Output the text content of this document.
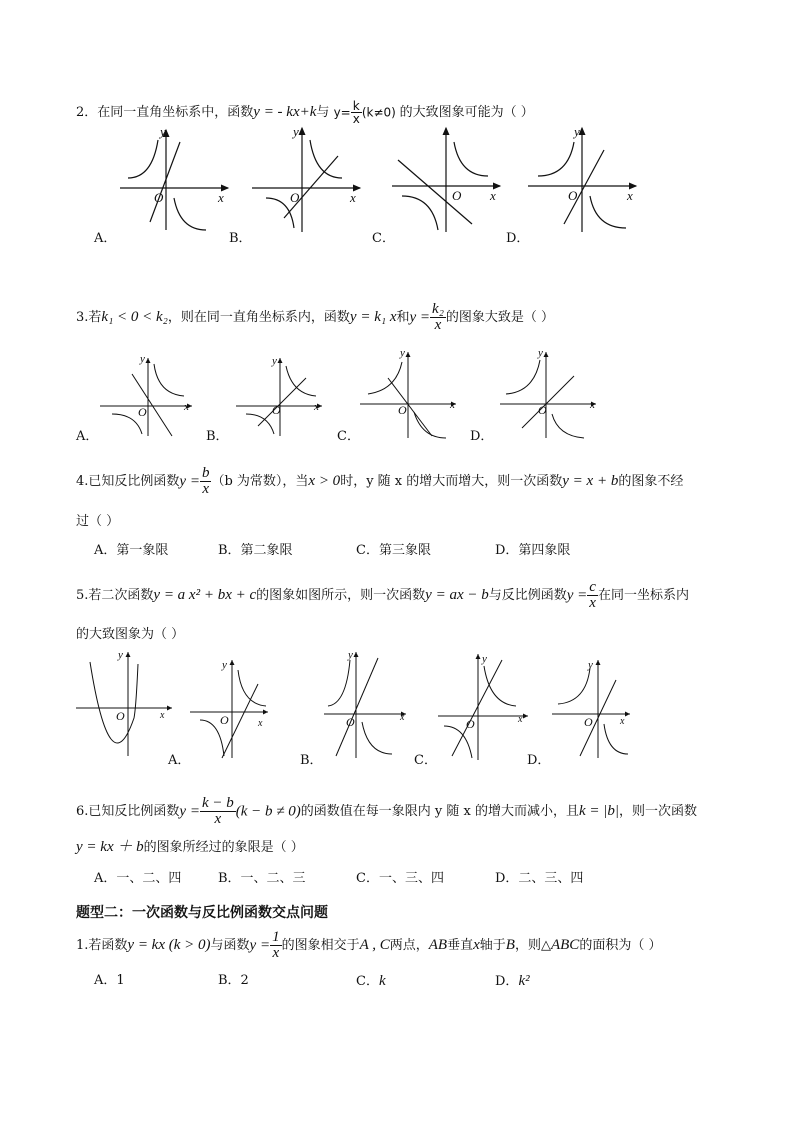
2．在同一直角坐标系中，函数y = - kx+k与 $y= \frac{k}{x} (k\ne 0)$ 的大致图象可能为（ ）
y
O	x
y
O	x	O x
y
O	x
A．	B．	C．	D．
3.若k₁ < 0 < k₂，则在同一直角坐标系内，函数y = k₁ x和$y = \frac{\text{k₂}}{x}$ 的图象大致是（ ）
y
O	x
y
O	x
y
O	x
y
O	x
A．	B．	C．	D．
4.已知反比例函数$y = \frac{b}{x} (b$ 为常数），当x > 0时，y 随 x 的增大而增大，则一次函数y = x + b的图象不经
过（ ）
A．第一象限	B．第二象限	C．第三象限	D．第四象限
5.若二次函数y = a x² + bx + c的图象如图所示，则一次函数y = ax − b与反比例函数$y = \frac{c}{x}$ 在同一坐标系内
的大致图象为（ ）
y
O	x
y
O	x
y
O	x
y
O	x
y
O	x
A．	B．	C．	D．
6.已知反比例函数$y = \frac{k - b}{x} (k - b \ne 0)$的函数值在每一象限内 y 随 x 的增大而减小，且k = |b|，则一次函数
y = kx ＋ b的图象所经过的象限是（ ）
A．一、二、四	B．一、二、三	C．一、三、四	D．二、三、四
题型二：一次函数与反比例函数交点问题
1.若函数y = kx (k > 0)与函数$y = \frac{1}{x}$ 的图象相交于A , C两点，AB垂直x轴于B，则△ABC的面积为（ ）
A．1	B．2	C．k	D．k²
